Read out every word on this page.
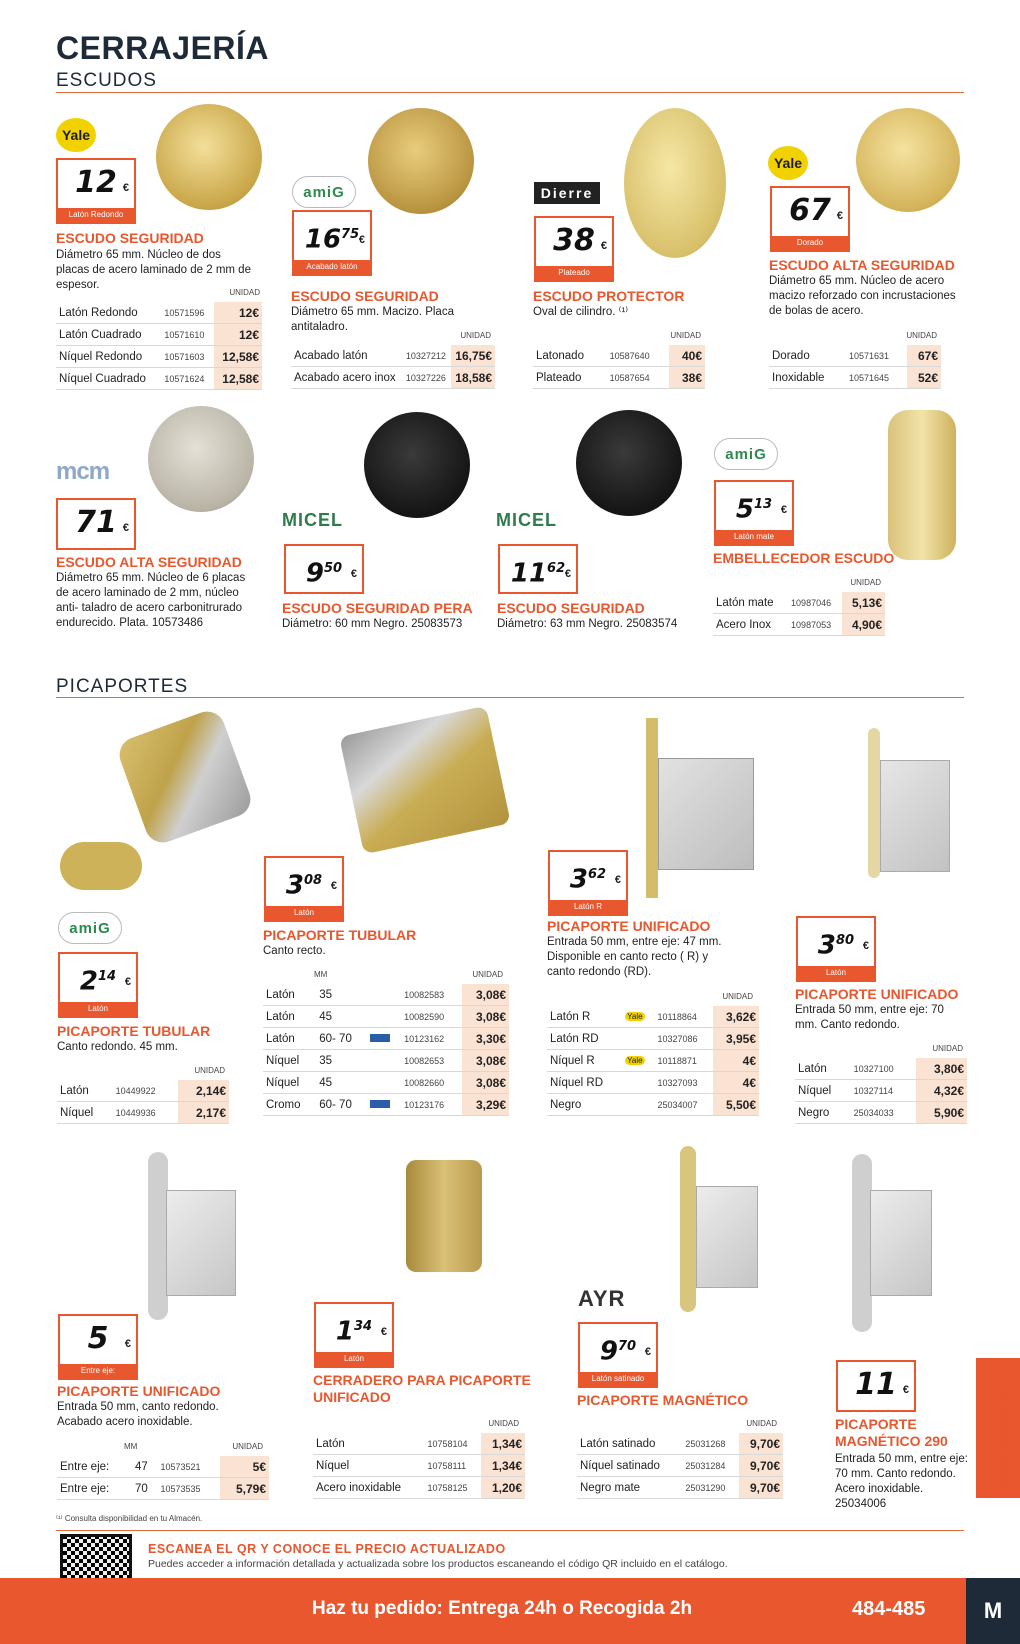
CERRAJERÍA
ESCUDOS
Yale
12 €
Latón Redondo
ESCUDO SEGURIDAD
Diámetro 65 mm. Núcleo de dos placas de acero laminado de 2 mm de espesor.
UNIDAD
Latón Redondo	10571596	12€
Latón Cuadrado	10571610	12€
Níquel Redondo	10571603	12,58€
Níquel Cuadrado	10571624	12,58€
amiG
$16^{75}$ €
Acabado latón
ESCUDO SEGURIDAD
Diámetro 65 mm. Macizo. Placa antitaladro.
UNIDAD
Acabado latón	10327212	16,75€
Acabado acero inox	10327226	18,58€
Dierre
38 €
Plateado
ESCUDO PROTECTOR
Oval de cilindro. ⁽¹⁾
UNIDAD
Latonado	10587640	40€
Plateado	10587654	38€
Yale
67 €
Dorado
ESCUDO ALTA SEGURIDAD
Diámetro 65 mm. Núcleo de acero macizo reforzado con incrustaciones de bolas de acero.
UNIDAD
Dorado	10571631	67€
Inoxidable	10571645	52€
mcm
71 €
ESCUDO ALTA SEGURIDAD
Diámetro 65 mm. Núcleo de 6 placas de acero laminado de 2 mm, núcleo anti- taladro de acero carbonitrurado endurecido. Plata. 10573486
MICEL
$9^{50}$ €
ESCUDO SEGURIDAD PERA
Diámetro: 60 mm Negro. 25083573
MICEL
$11^{62}$ €
ESCUDO SEGURIDAD
Diámetro: 63 mm Negro. 25083574
amiG
$5^{13}$ €
Latón mate
EMBELLECEDOR ESCUDO
UNIDAD
Latón mate	10987046	5,13€
Acero Inox	10987053	4,90€
PICAPORTES
amiG
$2^{14}$ €
Latón
PICAPORTE TUBULAR
Canto redondo. 45 mm.
UNIDAD
Latón	10449922	2,14€
Níquel	10449936	2,17€
$3^{08}$ €
Latón
PICAPORTE TUBULAR
Canto recto.
MM	UNIDAD
Latón	35		10082583	3,08€
Latón	45		10082590	3,08€
Latón	60- 70		10123162	3,30€
Níquel	35		10082653	3,08€
Níquel	45		10082660	3,08€
Cromo	60- 70		10123176	3,29€
$3^{62}$ €
Latón R
PICAPORTE UNIFICADO
Entrada 50 mm, entre eje: 47 mm. Disponible en canto recto ( R) y canto redondo (RD).
UNIDAD
Latón R	Yale	10118864	3,62€
Latón RD		10327086	3,95€
Níquel R	Yale	10118871	4€
Níquel RD		10327093	4€
Negro		25034007	5,50€
$3^{80}$ €
Latón
PICAPORTE UNIFICADO
Entrada 50 mm, entre eje: 70 mm. Canto redondo.
UNIDAD
Latón	10327100	3,80€
Níquel	10327114	4,32€
Negro	25034033	5,90€
5	€
Entre eje:
PICAPORTE UNIFICADO
Entrada 50 mm, canto redondo. Acabado acero inoxidable.
MM	UNIDAD
Entre eje:	47	10573521	5€
Entre eje:	70	10573535	5,79€
$1^{34}$ €
Latón
CERRADERO PARA PICAPORTE UNIFICADO
UNIDAD
Latón	10758104	1,34€
Níquel	10758111	1,34€
Acero inoxidable	10758125	1,20€
AYR
$9^{70}$ €
Latón satinado
PICAPORTE MAGNÉTICO
UNIDAD
Latón satinado	25031268	9,70€
Níquel satinado	25031284	9,70€
Negro mate	25031290	9,70€
11 €
PICAPORTE MAGNÉTICO 290
Entrada 50 mm, entre eje: 70 mm. Canto redondo. Acero inoxidable. 25034006
FERRETERÍA
⁽¹⁾ Consulta disponibilidad en tu Almacén.
ESCANEA EL QR Y CONOCE EL PRECIO ACTUALIZADO
Puedes acceder a información detallada y actualizada sobre los productos escaneando el código QR incluido en el catálogo.
Haz tu pedido: Entrega 24h o Recogida 2h	484-485	M
